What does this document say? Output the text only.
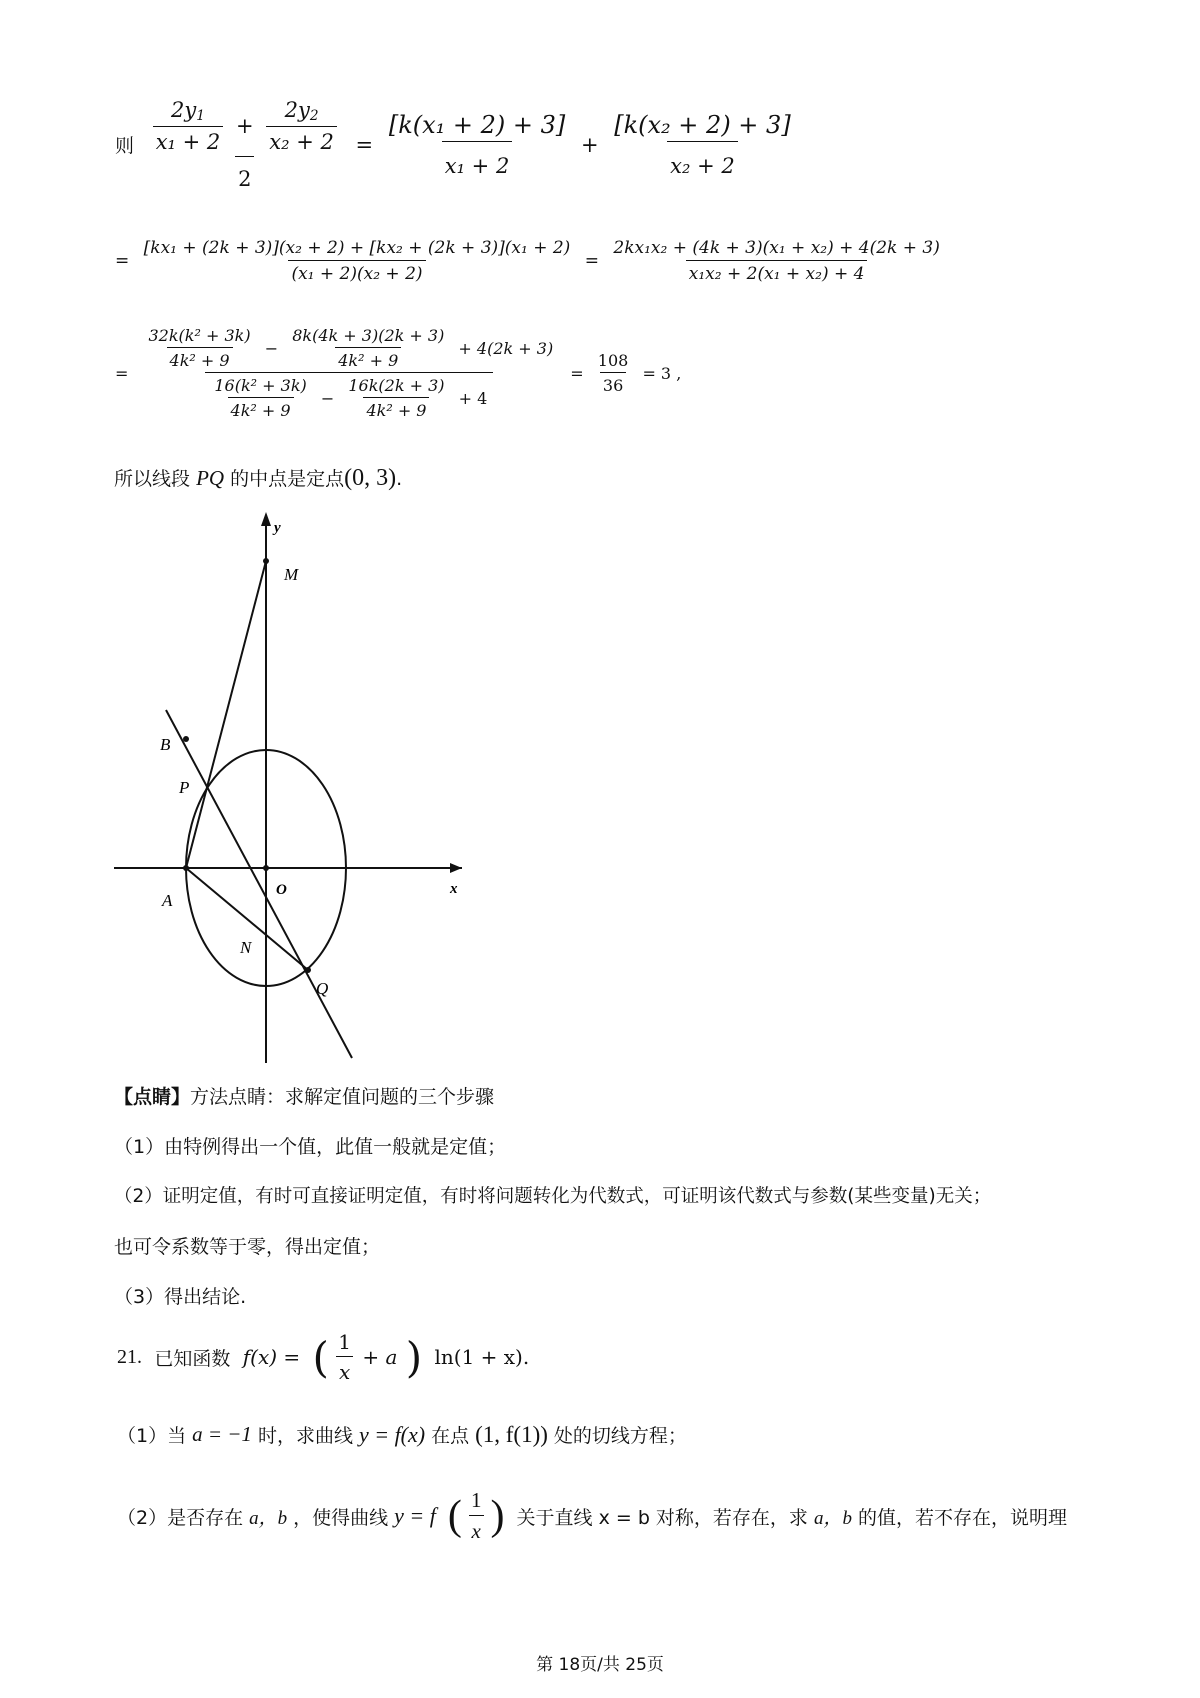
则 $\frac{2y_1}{\text{x₁ + 2}} + \frac{2y_2}{\text{x₂ + 2}}$
2
= $\frac{\text{[k(x₁ + 2) + 3]}}{\text{x₁ + 2}} + \frac{\text{[k(x₂ + 2) + 3]}}{\text{x₂ + 2}}$
= $\frac{\text{[kx₁ + (2k + 3)](x₂ + 2) + [kx₂ + (2k + 3)](x₁ + 2)}}{\text{(x₁ + 2)(x₂ + 2)}} = \frac{\text{2kx₁x₂ + (4k + 3)(x₁ + x₂) + 4(2k + 3)}}{\text{x₁x₂ + 2(x₁ + x₂) + 4}}$
=
$\frac{\text{32k(k² + 3k)}}{\text{4k² + 9}} - \frac{8k(4k + 3)(2k + 3)}{\text{4k² + 9}} + 4(2k + 3)$
$\frac{\text{16(k² + 3k)}}{\text{4k² + 9}} - \frac{16k(2k + 3)}{\text{4k² + 9}} + 4$
= $\frac{108}{36} = 3$ ,
所以线段 PQ 的中点是定点(0, 3).
y
x
M
B
P
A
O
N
Q
【点睛】方法点睛：求解定值问题的三个步骤
（1）由特例得出一个值，此值一般就是定值；
（2）证明定值，有时可直接证明定值，有时将问题转化为代数式，可证明该代数式与参数(某些变量)无关；
也可令系数等于零，得出定值；
（3）得出结论.
21. 已知函数 f(x) = ( $\frac{1}{x} + a$ ) ln(1 + x).
（1）当 a = −1 时，求曲线 y = f(x) 在点 (1, f(1)) 处的切线方程；
（2）是否存在 a，b ，使得曲线 y = f ( $\frac{1}{x}$ ) 关于直线 x = b 对称，若存在，求 a，b 的值，若不存在，说明理
第 18页/共 25页
